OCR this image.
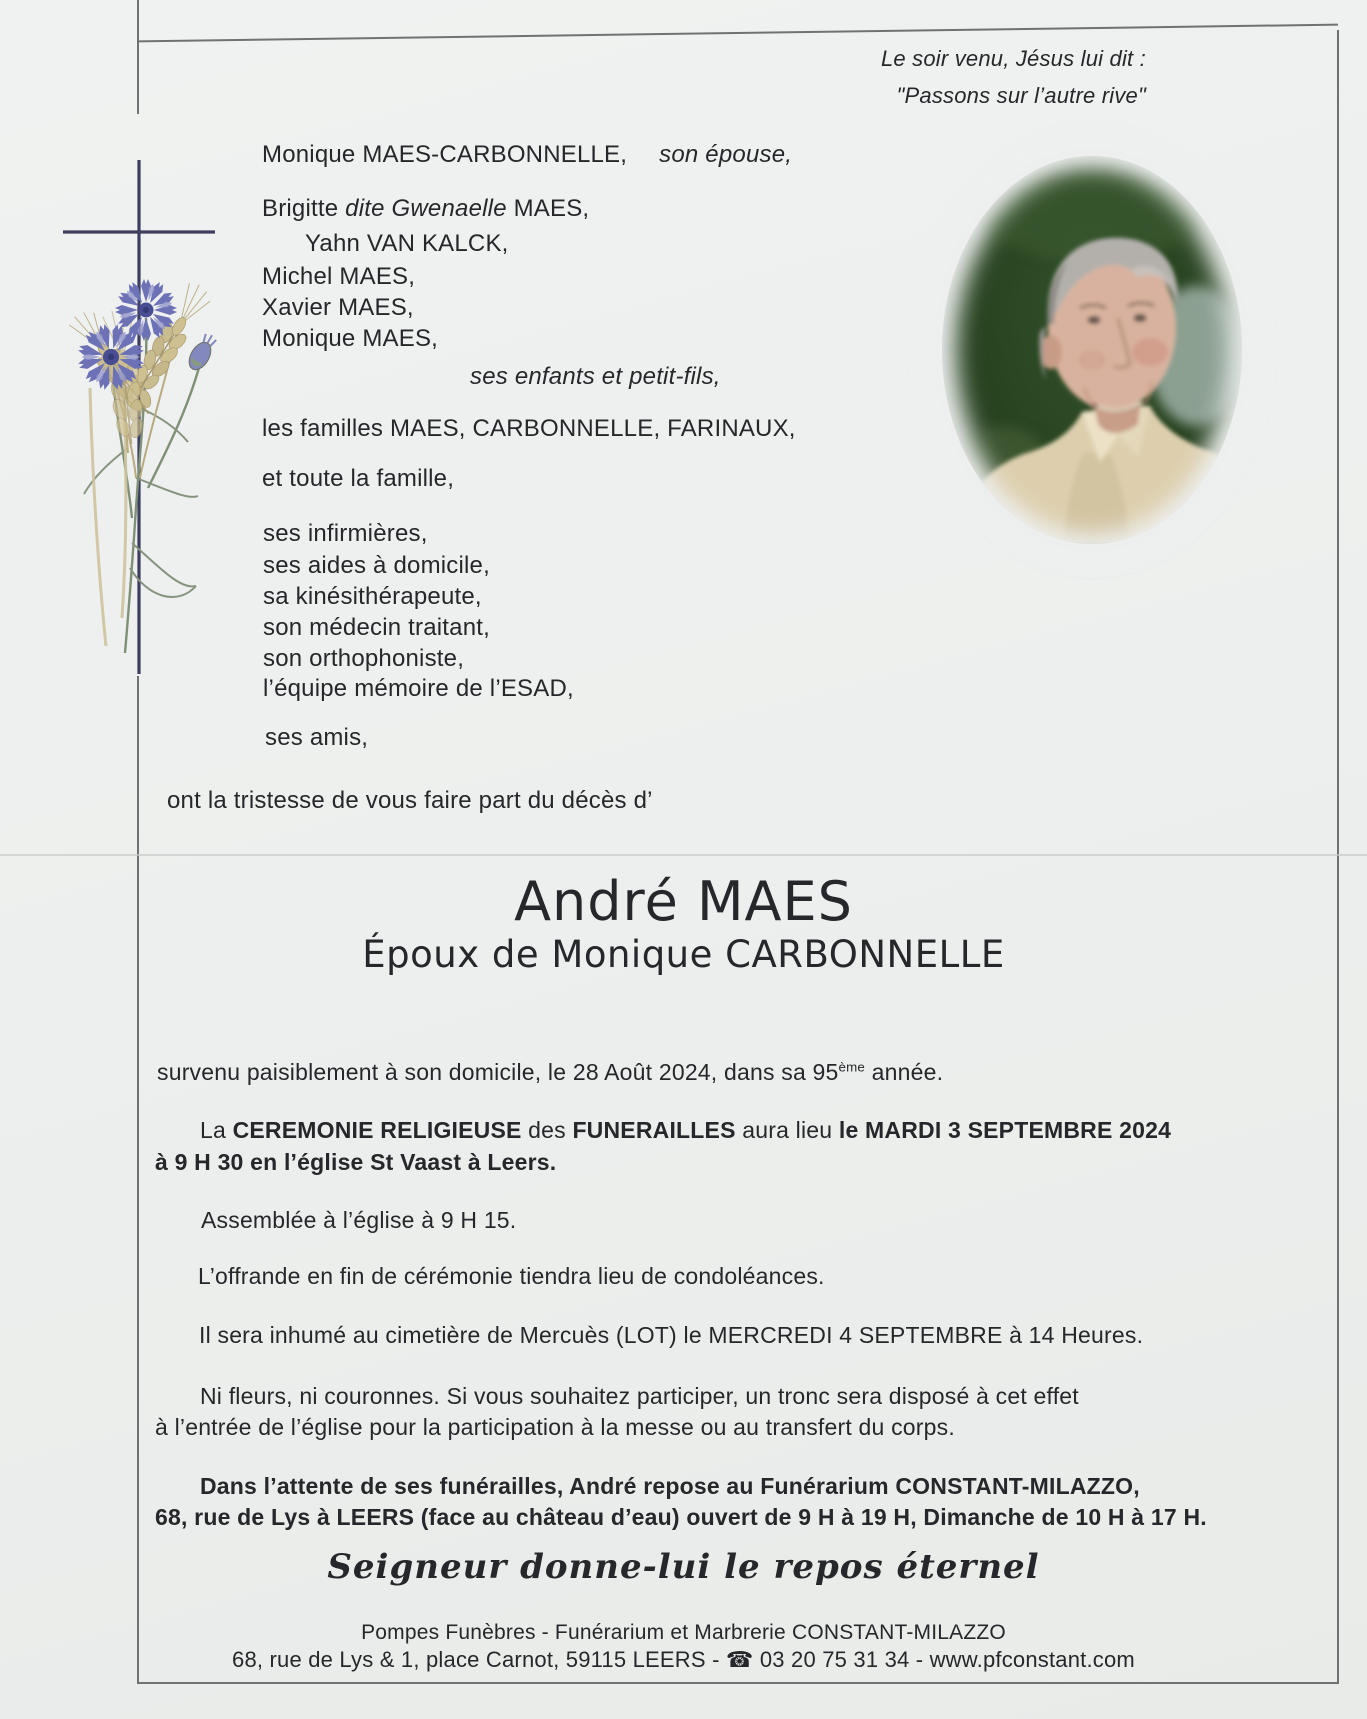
Le soir venu, Jésus lui dit :
"Passons sur l’autre rive"
Monique MAES-CARBONNELLE, son épouse,
Brigitte dite Gwenaelle MAES,
Yahn VAN KALCK,
Michel MAES,
Xavier MAES,
Monique MAES,
ses enfants et petit-fils,
les familles MAES, CARBONNELLE, FARINAUX,
et toute la famille,
ses infirmières,
ses aides à domicile,
sa kinésithérapeute,
son médecin traitant,
son orthophoniste,
l’équipe mémoire de l’ESAD,
ses amis,
ont la tristesse de vous faire part du décès d’
André MAES
Époux de Monique CARBONNELLE
survenu paisiblement à son domicile, le 28 Août 2024, dans sa 95ème année.
La CEREMONIE RELIGIEUSE des FUNERAILLES aura lieu le MARDI 3 SEPTEMBRE 2024
à 9 H 30 en l’église St Vaast à Leers.
Assemblée à l’église à 9 H 15.
L’offrande en fin de cérémonie tiendra lieu de condoléances.
Il sera inhumé au cimetière de Mercuès (LOT) le MERCREDI 4 SEPTEMBRE à 14 Heures.
Ni fleurs, ni couronnes. Si vous souhaitez participer, un tronc sera disposé à cet effet
à l’entrée de l’église pour la participation à la messe ou au transfert du corps.
Dans l’attente de ses funérailles, André repose au Funérarium CONSTANT-MILAZZO,
68, rue de Lys à LEERS (face au château d’eau) ouvert de 9 H à 19 H, Dimanche de 10 H à 17 H.
Seigneur donne-lui le repos éternel
Pompes Funèbres - Funérarium et Marbrerie CONSTANT-MILAZZO
68, rue de Lys & 1, place Carnot, 59115 LEERS - ☎ 03 20 75 31 34 - www.pfconstant.com
